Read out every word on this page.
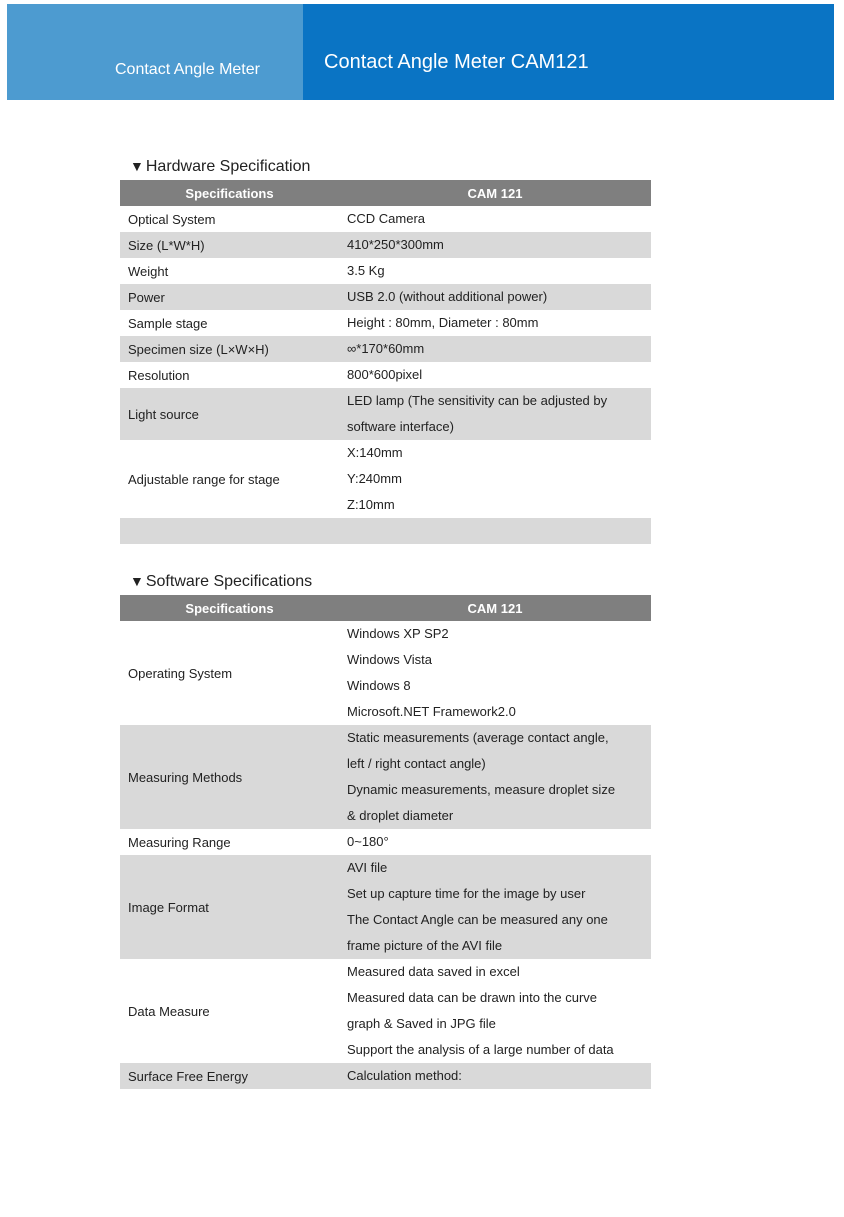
Contact Angle Meter	Contact Angle Meter CAM121
▼ Hardware Specification
Specifications	CAM 121
Optical System	CCD Camera

Size (L*W*H)	410*250*300mm

Weight	3.5 Kg

Power	USB 2.0 (without additional power)

Sample stage	Height : 80mm, Diameter : 80mm

Specimen size (L×W×H)	∞*170*60mm

Resolution	800*600pixel

Light source	LED lamp (The sensitivity can be adjusted by
software interface)

Adjustable range for stage	X:140mm
Y:240mm
Z:10mm

▼ Software Specifications
Specifications	CAM 121
Operating System	Windows XP SP2
Windows Vista
Windows 8
Microsoft.NET Framework2.0

Measuring Methods	Static measurements (average contact angle,
left / right contact angle)
Dynamic measurements, measure droplet size
& droplet diameter

Measuring Range	0~180°

Image Format	AVI file
Set up capture time for the image by user
The Contact Angle can be measured any one
frame picture of the AVI file

Data Measure	Measured data saved in excel
Measured data can be drawn into the curve
graph & Saved in JPG file
Support the analysis of a large number of data

Surface Free Energy	Calculation method:
